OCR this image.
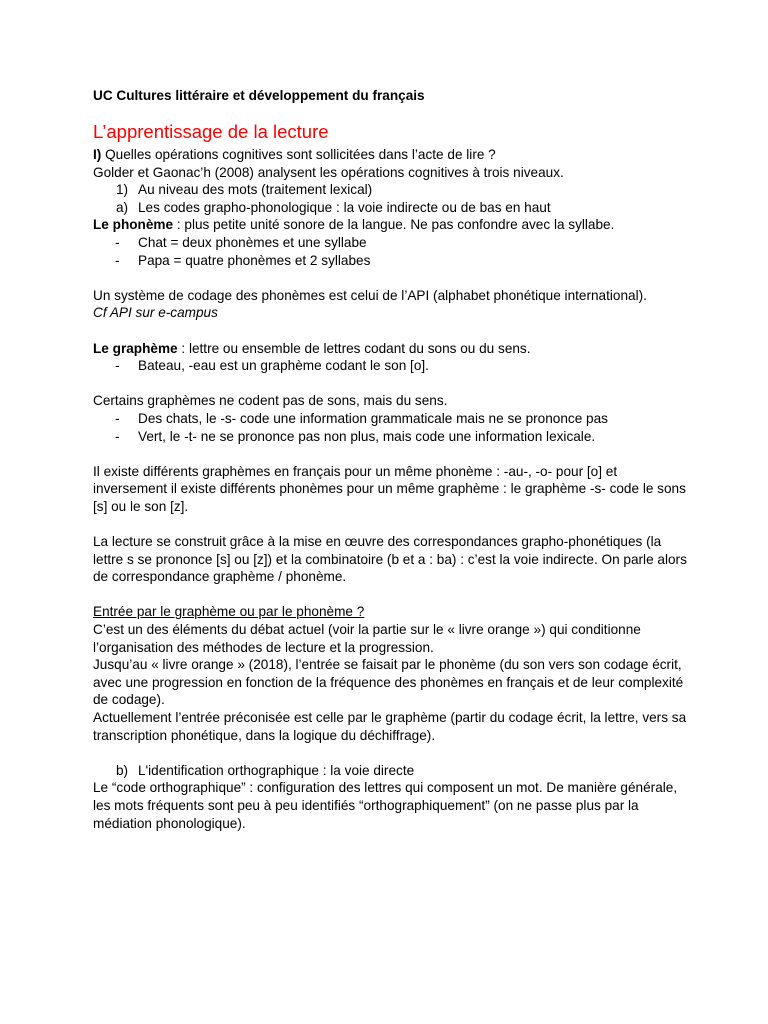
UC Cultures littéraire et développement du français

L’apprentissage de la lecture

I) Quelles opérations cognitives sont sollicitées dans l’acte de lire ?

Golder et Gaonac’h (2008) analysent les opérations cognitives à trois niveaux.

1) Au niveau des mots (traitement lexical)
a) Les codes grapho-phonologique : la voie indirecte ou de bas en haut

Le phonème : plus petite unité sonore de la langue. Ne pas confondre avec la syllabe.

- Chat = deux phonèmes et une syllabe
- Papa = quatre phonèmes et 2 syllabes

Un système de codage des phonèmes est celui de l’API (alphabet phonétique international).

Cf API sur e-campus

Le graphème : lettre ou ensemble de lettres codant du sons ou du sens.

- Bateau, -eau est un graphème codant le son [o].

Certains graphèmes ne codent pas de sons, mais du sens.

- Des chats, le -s- code une information grammaticale mais ne se prononce pas
- Vert, le -t- ne se prononce pas non plus, mais code une information lexicale.

Il existe différents graphèmes en français pour un même phonème : -au-, -o- pour [o] et inversement il existe différents phonèmes pour un même graphème : le graphème -s- code le sons [s] ou le son [z].

La lecture se construit grâce à la mise en œuvre des correspondances grapho-phonétiques (la lettre s se prononce [s] ou [z]) et la combinatoire (b et a : ba) : c’est la voie indirecte. On parle alors de correspondance graphème / phonème.

Entrée par le graphème ou par le phonème ?

C’est un des éléments du débat actuel (voir la partie sur le « livre orange ») qui conditionne l’organisation des méthodes de lecture et la progression.

Jusqu’au « livre orange » (2018), l’entrée se faisait par le phonème (du son vers son codage écrit, avec une progression en fonction de la fréquence des phonèmes en français et de leur complexité de codage).

Actuellement l’entrée préconisée est celle par le graphème (partir du codage écrit, la lettre, vers sa transcription phonétique, dans la logique du déchiffrage).

b) L'identification orthographique : la voie directe

Le “code orthographique” : configuration des lettres qui composent un mot. De manière générale, les mots fréquents sont peu à peu identifiés “orthographiquement” (on ne passe plus par la médiation phonologique).
